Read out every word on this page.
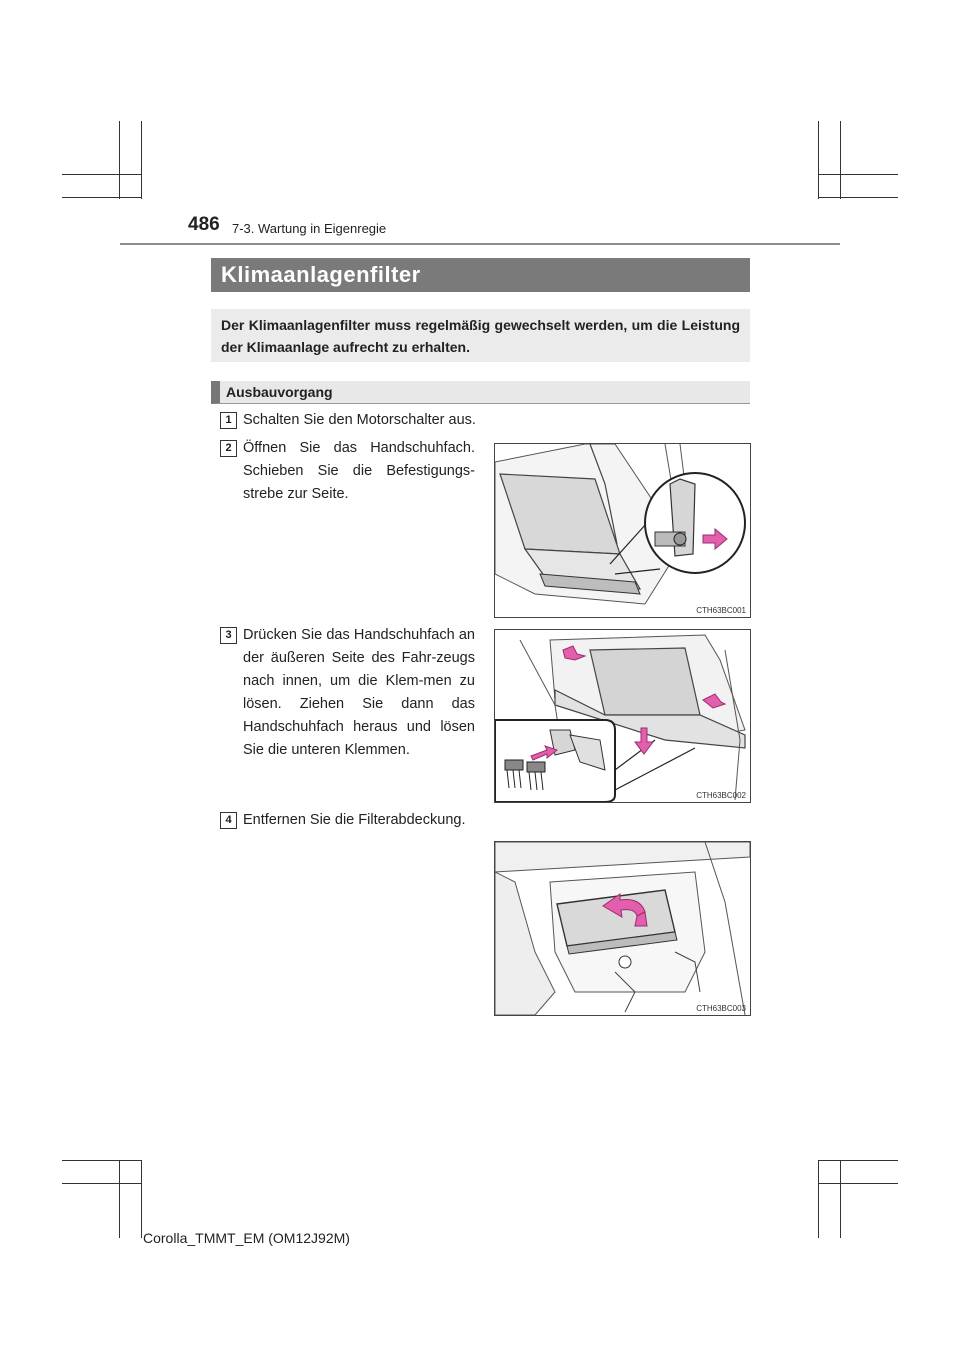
486 7-3. Wartung in Eigenregie
Klimaanlagenfilter
Der Klimaanlagenfilter muss regelmäßig gewechselt werden, um die Leistung der Klimaanlage aufrecht zu erhalten.
Ausbauvorgang
1 Schalten Sie den Motorschalter aus.
2 Öffnen Sie das Handschuhfach. Schieben Sie die Befestigungs-strebe zur Seite.
3 Drücken Sie das Handschuhfach an der äußeren Seite des Fahr-zeugs nach innen, um die Klem-men zu lösen. Ziehen Sie dann das Handschuhfach heraus und lösen Sie die unteren Klemmen.
4 Entfernen Sie die Filterabdeckung.
CTH63BC001
CTH63BC002
CTH63BC003
Corolla_TMMT_EM (OM12J92M)
